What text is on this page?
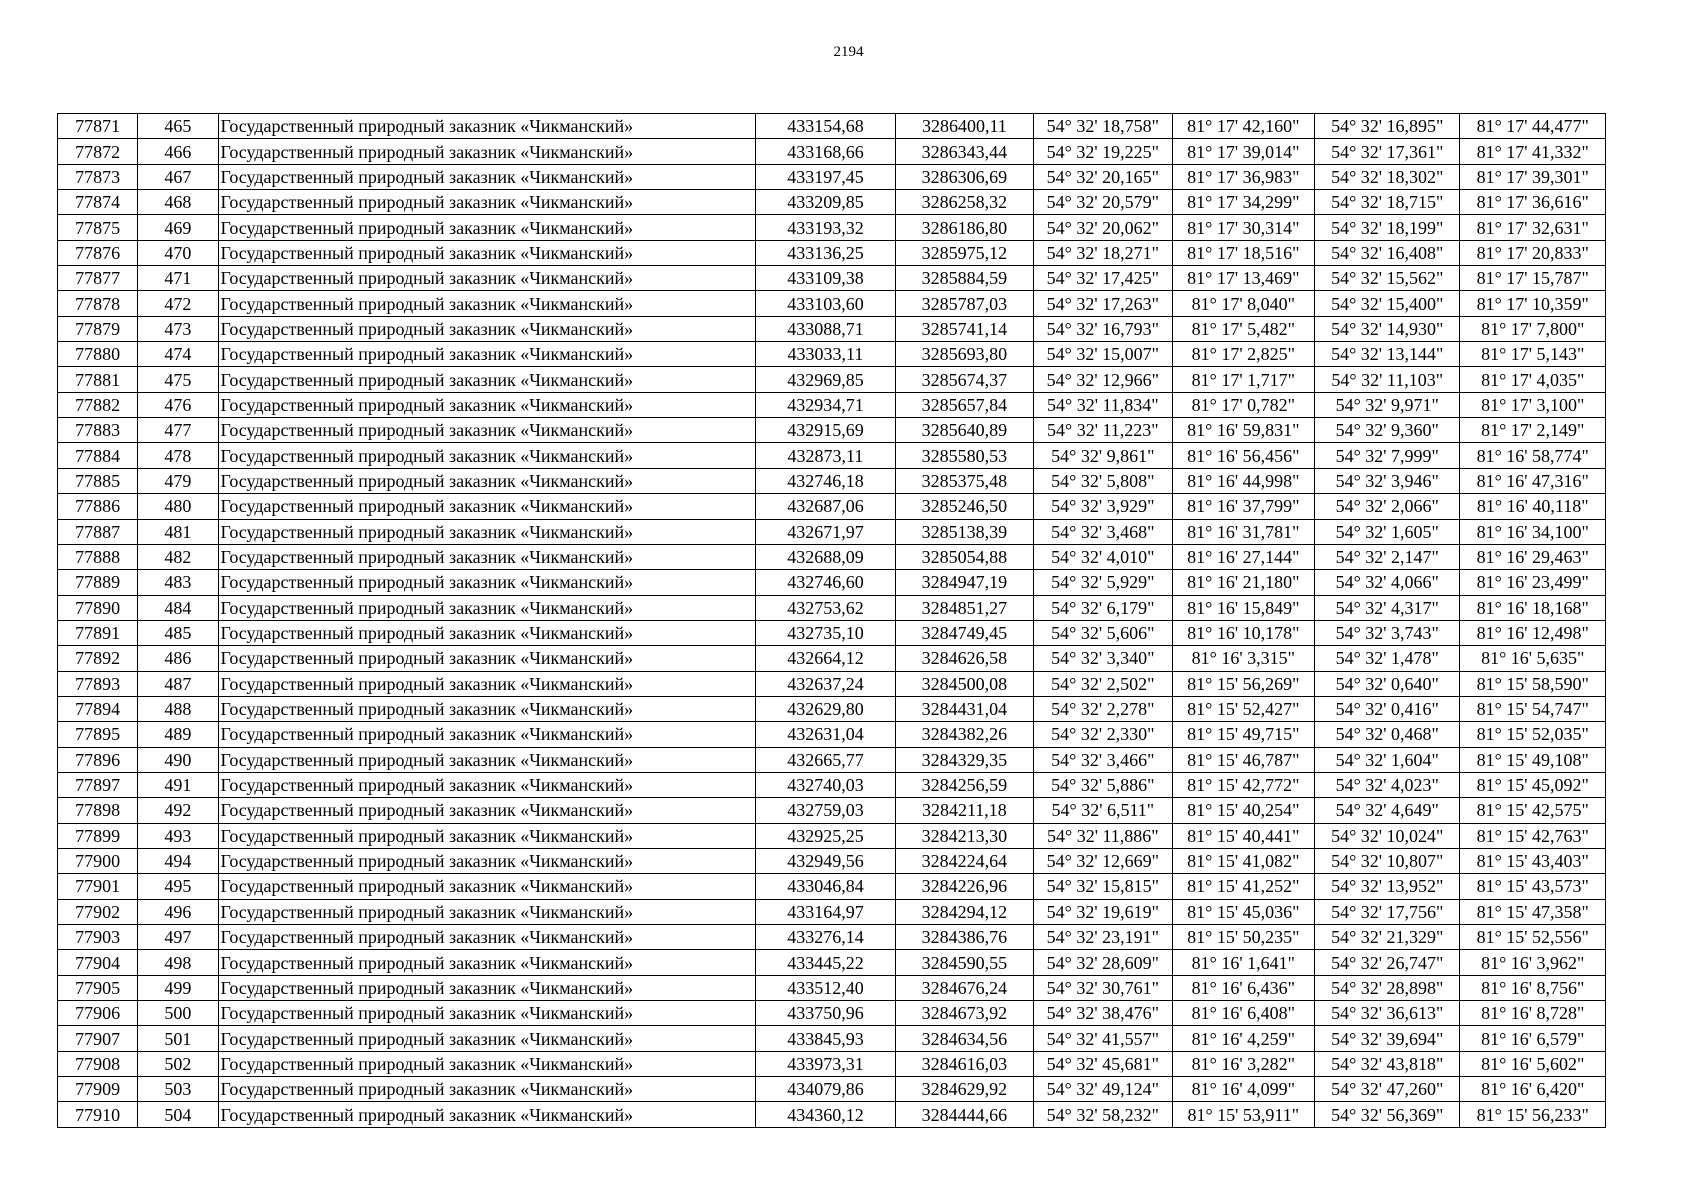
2194
77871	465	Государственный природный заказник «Чикманский»	433154,68	3286400,11	54° 32' 18,758"	81° 17' 42,160"	54° 32' 16,895"	81° 17' 44,477"
77872	466	Государственный природный заказник «Чикманский»	433168,66	3286343,44	54° 32' 19,225"	81° 17' 39,014"	54° 32' 17,361"	81° 17' 41,332"
77873	467	Государственный природный заказник «Чикманский»	433197,45	3286306,69	54° 32' 20,165"	81° 17' 36,983"	54° 32' 18,302"	81° 17' 39,301"
77874	468	Государственный природный заказник «Чикманский»	433209,85	3286258,32	54° 32' 20,579"	81° 17' 34,299"	54° 32' 18,715"	81° 17' 36,616"
77875	469	Государственный природный заказник «Чикманский»	433193,32	3286186,80	54° 32' 20,062"	81° 17' 30,314"	54° 32' 18,199"	81° 17' 32,631"
77876	470	Государственный природный заказник «Чикманский»	433136,25	3285975,12	54° 32' 18,271"	81° 17' 18,516"	54° 32' 16,408"	81° 17' 20,833"
77877	471	Государственный природный заказник «Чикманский»	433109,38	3285884,59	54° 32' 17,425"	81° 17' 13,469"	54° 32' 15,562"	81° 17' 15,787"
77878	472	Государственный природный заказник «Чикманский»	433103,60	3285787,03	54° 32' 17,263"	81° 17' 8,040"	54° 32' 15,400"	81° 17' 10,359"
77879	473	Государственный природный заказник «Чикманский»	433088,71	3285741,14	54° 32' 16,793"	81° 17' 5,482"	54° 32' 14,930"	81° 17' 7,800"
77880	474	Государственный природный заказник «Чикманский»	433033,11	3285693,80	54° 32' 15,007"	81° 17' 2,825"	54° 32' 13,144"	81° 17' 5,143"
77881	475	Государственный природный заказник «Чикманский»	432969,85	3285674,37	54° 32' 12,966"	81° 17' 1,717"	54° 32' 11,103"	81° 17' 4,035"
77882	476	Государственный природный заказник «Чикманский»	432934,71	3285657,84	54° 32' 11,834"	81° 17' 0,782"	54° 32' 9,971"	81° 17' 3,100"
77883	477	Государственный природный заказник «Чикманский»	432915,69	3285640,89	54° 32' 11,223"	81° 16' 59,831"	54° 32' 9,360"	81° 17' 2,149"
77884	478	Государственный природный заказник «Чикманский»	432873,11	3285580,53	54° 32' 9,861"	81° 16' 56,456"	54° 32' 7,999"	81° 16' 58,774"
77885	479	Государственный природный заказник «Чикманский»	432746,18	3285375,48	54° 32' 5,808"	81° 16' 44,998"	54° 32' 3,946"	81° 16' 47,316"
77886	480	Государственный природный заказник «Чикманский»	432687,06	3285246,50	54° 32' 3,929"	81° 16' 37,799"	54° 32' 2,066"	81° 16' 40,118"
77887	481	Государственный природный заказник «Чикманский»	432671,97	3285138,39	54° 32' 3,468"	81° 16' 31,781"	54° 32' 1,605"	81° 16' 34,100"
77888	482	Государственный природный заказник «Чикманский»	432688,09	3285054,88	54° 32' 4,010"	81° 16' 27,144"	54° 32' 2,147"	81° 16' 29,463"
77889	483	Государственный природный заказник «Чикманский»	432746,60	3284947,19	54° 32' 5,929"	81° 16' 21,180"	54° 32' 4,066"	81° 16' 23,499"
77890	484	Государственный природный заказник «Чикманский»	432753,62	3284851,27	54° 32' 6,179"	81° 16' 15,849"	54° 32' 4,317"	81° 16' 18,168"
77891	485	Государственный природный заказник «Чикманский»	432735,10	3284749,45	54° 32' 5,606"	81° 16' 10,178"	54° 32' 3,743"	81° 16' 12,498"
77892	486	Государственный природный заказник «Чикманский»	432664,12	3284626,58	54° 32' 3,340"	81° 16' 3,315"	54° 32' 1,478"	81° 16' 5,635"
77893	487	Государственный природный заказник «Чикманский»	432637,24	3284500,08	54° 32' 2,502"	81° 15' 56,269"	54° 32' 0,640"	81° 15' 58,590"
77894	488	Государственный природный заказник «Чикманский»	432629,80	3284431,04	54° 32' 2,278"	81° 15' 52,427"	54° 32' 0,416"	81° 15' 54,747"
77895	489	Государственный природный заказник «Чикманский»	432631,04	3284382,26	54° 32' 2,330"	81° 15' 49,715"	54° 32' 0,468"	81° 15' 52,035"
77896	490	Государственный природный заказник «Чикманский»	432665,77	3284329,35	54° 32' 3,466"	81° 15' 46,787"	54° 32' 1,604"	81° 15' 49,108"
77897	491	Государственный природный заказник «Чикманский»	432740,03	3284256,59	54° 32' 5,886"	81° 15' 42,772"	54° 32' 4,023"	81° 15' 45,092"
77898	492	Государственный природный заказник «Чикманский»	432759,03	3284211,18	54° 32' 6,511"	81° 15' 40,254"	54° 32' 4,649"	81° 15' 42,575"
77899	493	Государственный природный заказник «Чикманский»	432925,25	3284213,30	54° 32' 11,886"	81° 15' 40,441"	54° 32' 10,024"	81° 15' 42,763"
77900	494	Государственный природный заказник «Чикманский»	432949,56	3284224,64	54° 32' 12,669"	81° 15' 41,082"	54° 32' 10,807"	81° 15' 43,403"
77901	495	Государственный природный заказник «Чикманский»	433046,84	3284226,96	54° 32' 15,815"	81° 15' 41,252"	54° 32' 13,952"	81° 15' 43,573"
77902	496	Государственный природный заказник «Чикманский»	433164,97	3284294,12	54° 32' 19,619"	81° 15' 45,036"	54° 32' 17,756"	81° 15' 47,358"
77903	497	Государственный природный заказник «Чикманский»	433276,14	3284386,76	54° 32' 23,191"	81° 15' 50,235"	54° 32' 21,329"	81° 15' 52,556"
77904	498	Государственный природный заказник «Чикманский»	433445,22	3284590,55	54° 32' 28,609"	81° 16' 1,641"	54° 32' 26,747"	81° 16' 3,962"
77905	499	Государственный природный заказник «Чикманский»	433512,40	3284676,24	54° 32' 30,761"	81° 16' 6,436"	54° 32' 28,898"	81° 16' 8,756"
77906	500	Государственный природный заказник «Чикманский»	433750,96	3284673,92	54° 32' 38,476"	81° 16' 6,408"	54° 32' 36,613"	81° 16' 8,728"
77907	501	Государственный природный заказник «Чикманский»	433845,93	3284634,56	54° 32' 41,557"	81° 16' 4,259"	54° 32' 39,694"	81° 16' 6,579"
77908	502	Государственный природный заказник «Чикманский»	433973,31	3284616,03	54° 32' 45,681"	81° 16' 3,282"	54° 32' 43,818"	81° 16' 5,602"
77909	503	Государственный природный заказник «Чикманский»	434079,86	3284629,92	54° 32' 49,124"	81° 16' 4,099"	54° 32' 47,260"	81° 16' 6,420"
77910	504	Государственный природный заказник «Чикманский»	434360,12	3284444,66	54° 32' 58,232"	81° 15' 53,911"	54° 32' 56,369"	81° 15' 56,233"
